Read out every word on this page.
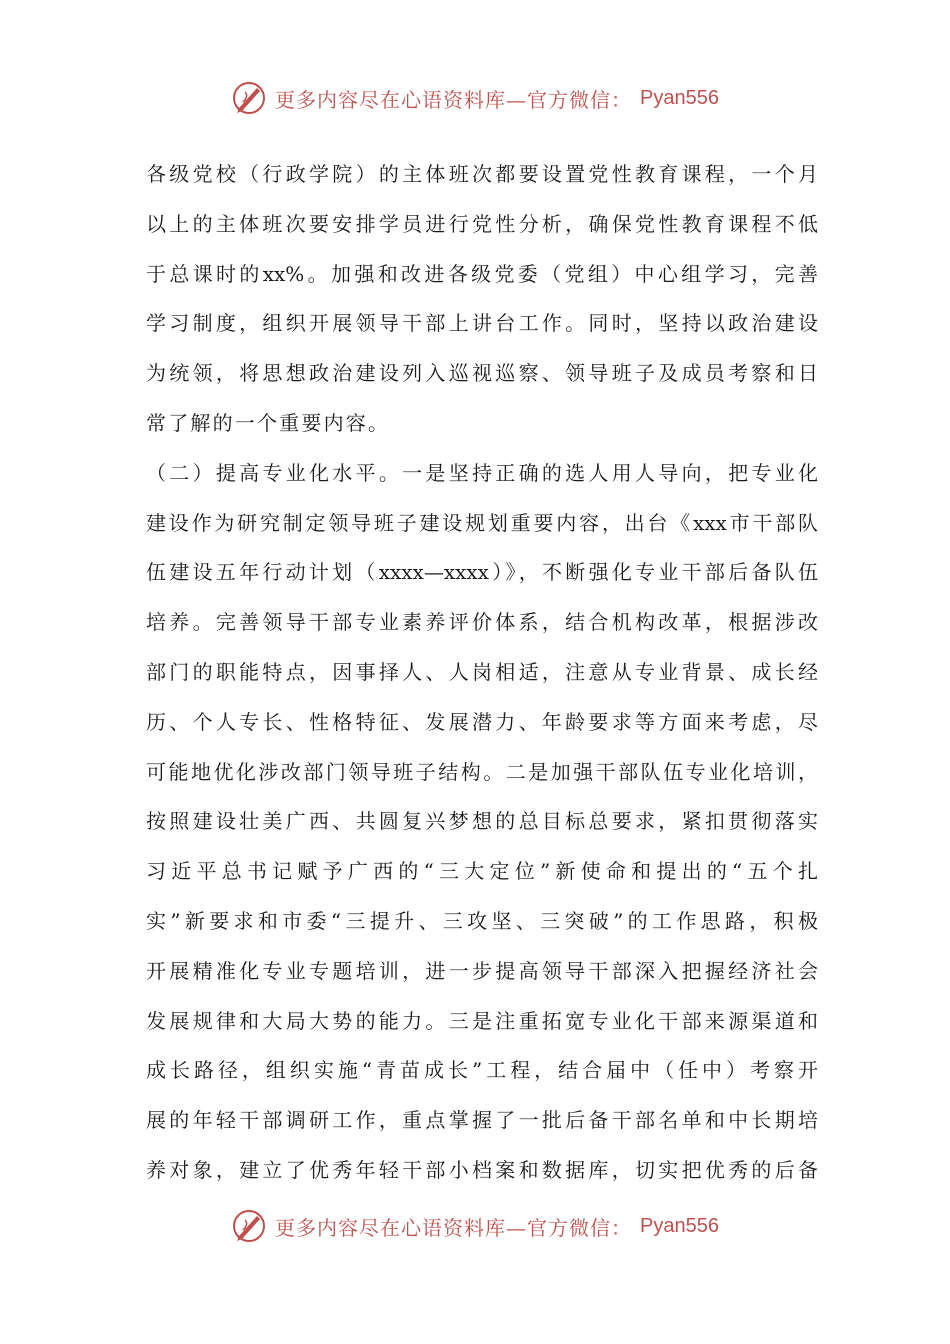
更多内容尽在心语资料库—官方微信： Pyan556
各级党校（行政学院）的主体班次都要设置党性教育课程，一个月
以上的主体班次要安排学员进行党性分析，确保党性教育课程不低
于总课时的xx%。加强和改进各级党委（党组）中心组学习，完善
学习制度，组织开展领导干部上讲台工作。同时，坚持以政治建设
为统领，将思想政治建设列入巡视巡察、领导班子及成员考察和日
常了解的一个重要内容。
（二）提高专业化水平。一是坚持正确的选人用人导向，把专业化
建设作为研究制定领导班子建设规划重要内容，出台《xxx市干部队
伍建设五年行动计划（xxxx—xxxx）》，不断强化专业干部后备队伍
培养。完善领导干部专业素养评价体系，结合机构改革，根据涉改
部门的职能特点，因事择人、人岗相适，注意从专业背景、成长经
历、个人专长、性格特征、发展潜力、年龄要求等方面来考虑，尽
可能地优化涉改部门领导班子结构。二是加强干部队伍专业化培训，
按照建设壮美广西、共圆复兴梦想的总目标总要求，紧扣贯彻落实
习近平总书记赋予广西的“三大定位”新使命和提出的“五个扎
实”新要求和市委“三提升、三攻坚、三突破”的工作思路，积极
开展精准化专业专题培训，进一步提高领导干部深入把握经济社会
发展规律和大局大势的能力。三是注重拓宽专业化干部来源渠道和
成长路径，组织实施“青苗成长”工程，结合届中（任中）考察开
展的年轻干部调研工作，重点掌握了一批后备干部名单和中长期培
养对象，建立了优秀年轻干部小档案和数据库，切实把优秀的后备
更多内容尽在心语资料库—官方微信： Pyan556
